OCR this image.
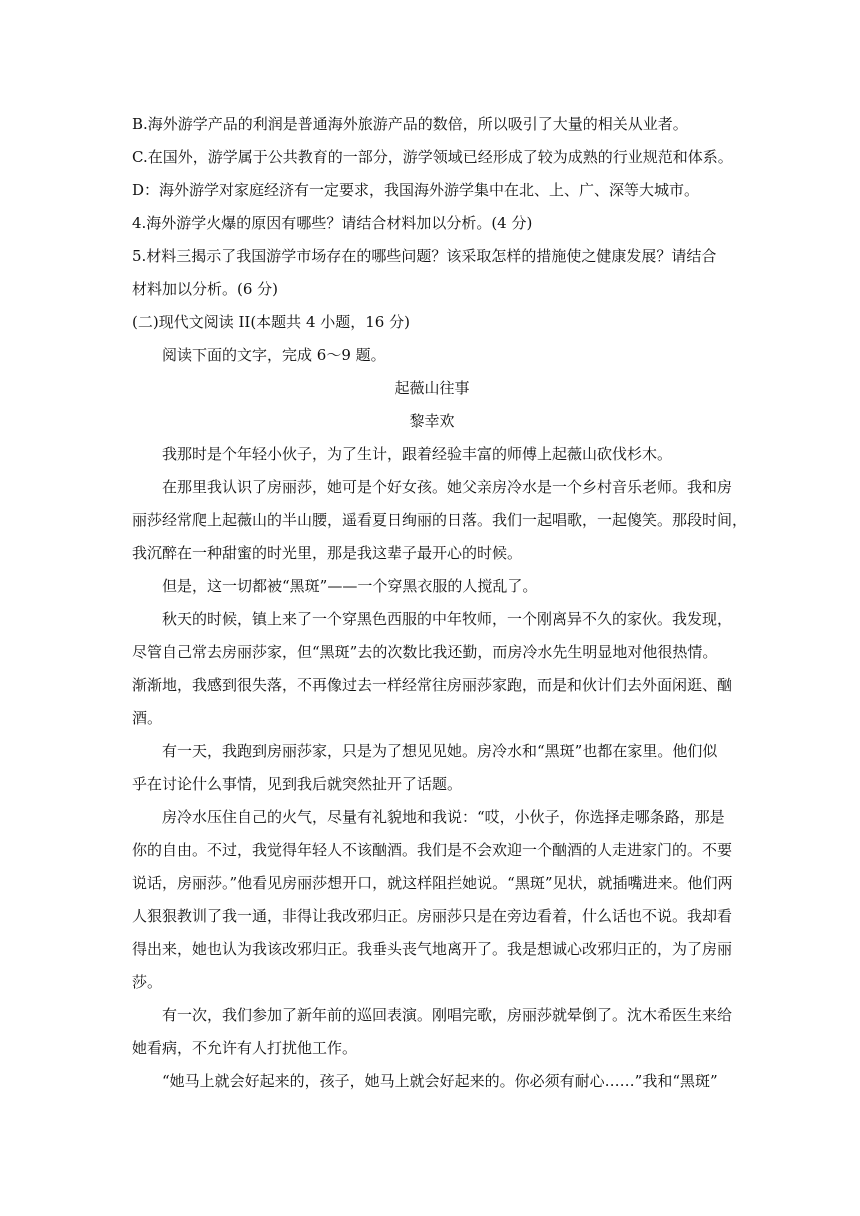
B.海外游学产品的利润是普通海外旅游产品的数倍，所以吸引了大量的相关从业者。

C.在国外，游学属于公共教育的一部分，游学领域已经形成了较为成熟的行业规范和体系。

D：海外游学对家庭经济有一定要求，我国海外游学集中在北、上、广、深等大城市。

4.海外游学火爆的原因有哪些？请结合材料加以分析。(4 分)

5.材料三揭示了我国游学市场存在的哪些问题？该采取怎样的措施使之健康发展？请结合

材料加以分析。(6 分)

(二)现代文阅读 II(本题共 4 小题，16 分)

阅读下面的文字，完成 6～9 题。

起薇山往事

黎幸欢

我那时是个年轻小伙子，为了生计，跟着经验丰富的师傅上起薇山砍伐杉木。

在那里我认识了房丽莎，她可是个好女孩。她父亲房冷水是一个乡村音乐老师。我和房

丽莎经常爬上起薇山的半山腰，遥看夏日绚丽的日落。我们一起唱歌，一起傻笑。那段时间，

我沉醉在一种甜蜜的时光里，那是我这辈子最开心的时候。

但是，这一切都被“黑斑”——一个穿黑衣服的人搅乱了。

秋天的时候，镇上来了一个穿黑色西服的中年牧师，一个刚离异不久的家伙。我发现，

尽管自己常去房丽莎家，但“黑斑”去的次数比我还勤，而房冷水先生明显地对他很热情。

渐渐地，我感到很失落，不再像过去一样经常往房丽莎家跑，而是和伙计们去外面闲逛、酗

酒。

有一天，我跑到房丽莎家，只是为了想见见她。房冷水和“黑斑”也都在家里。他们似

乎在讨论什么事情，见到我后就突然扯开了话题。

房冷水压住自己的火气，尽量有礼貌地和我说：“哎，小伙子，你选择走哪条路，那是

你的自由。不过，我觉得年轻人不该酗酒。我们是不会欢迎一个酗酒的人走进家门的。不要

说话，房丽莎。”他看见房丽莎想开口，就这样阻拦她说。“黑斑”见状，就插嘴进来。他们两

人狠狠教训了我一通，非得让我改邪归正。房丽莎只是在旁边看着，什么话也不说。我却看

得出来，她也认为我该改邪归正。我垂头丧气地离开了。我是想诚心改邪归正的，为了房丽

莎。

有一次，我们参加了新年前的巡回表演。刚唱完歌，房丽莎就晕倒了。沈木希医生来给

她看病，不允许有人打扰他工作。

“她马上就会好起来的，孩子，她马上就会好起来的。你必须有耐心……”我和“黑斑”
